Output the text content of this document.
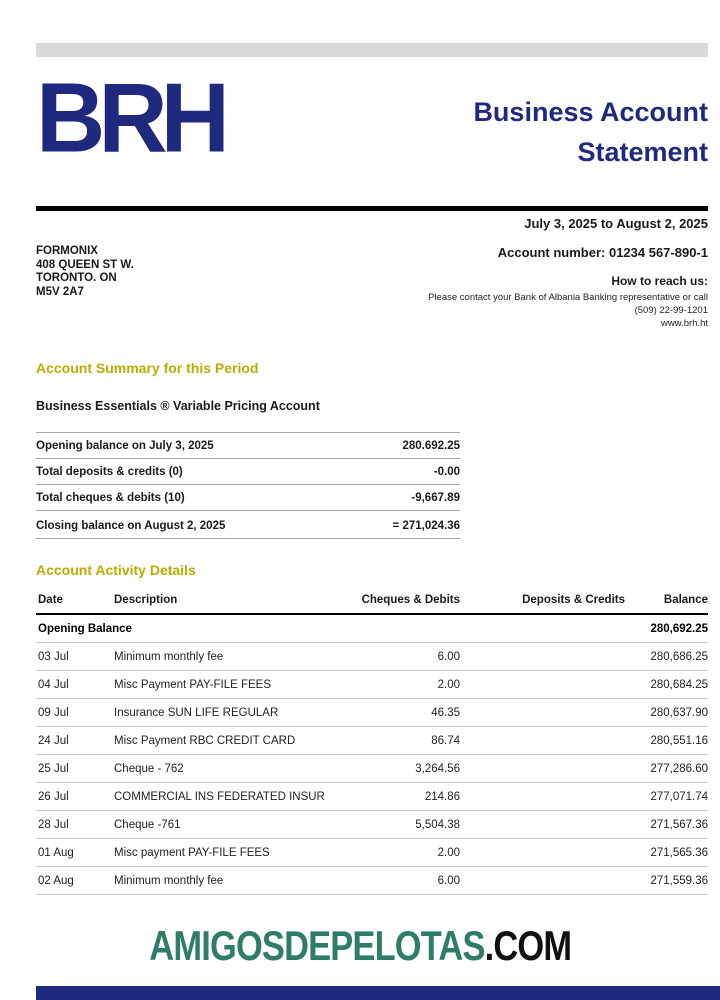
BRH	Business Account
Statement
July 3, 2025 to August 2, 2025
FORMONIX
408 QUEEN ST W.
TORONTO. ON
M5V 2A7
Account number: 01234 567-890-1
How to reach us:
Please contact your Bank of Albania Banking representative or call
(509) 22-99-1201
www.brh.ht
Account Summary for this Period
Business Essentials ® Variable Pricing Account
Opening balance on July 3, 2025	280.692.25
Total deposits & credits (0)	-0.00
Total cheques & debits (10)	-9,667.89
Closing balance on August 2, 2025	= 271,024.36
Account Activity Details
Date	Description	Cheques & Debits	Deposits & Credits	Balance
Opening Balance				280,692.25
03 Jul	Minimum monthly fee	6.00		280,686.25
04 Jul	Misc Payment PAY-FILE FEES	2.00		280,684.25
09 Jul	Insurance SUN LIFE REGULAR	46.35		280,637.90
24 Jul	Misc Payment RBC CREDIT CARD	86.74		280,551.16
25 Jul	Cheque - 762	3,264.56		277,286.60
26 Jul	COMMERCIAL INS FEDERATED INSUR	214.86		277,071.74
28 Jul	Cheque -761	5,504.38		271,567.36
01 Aug	Misc payment PAY-FILE FEES	2.00		271,565.36
02 Aug	Minimum monthly fee	6.00		271,559.36
AMIGOSDEPELOTAS.COM
